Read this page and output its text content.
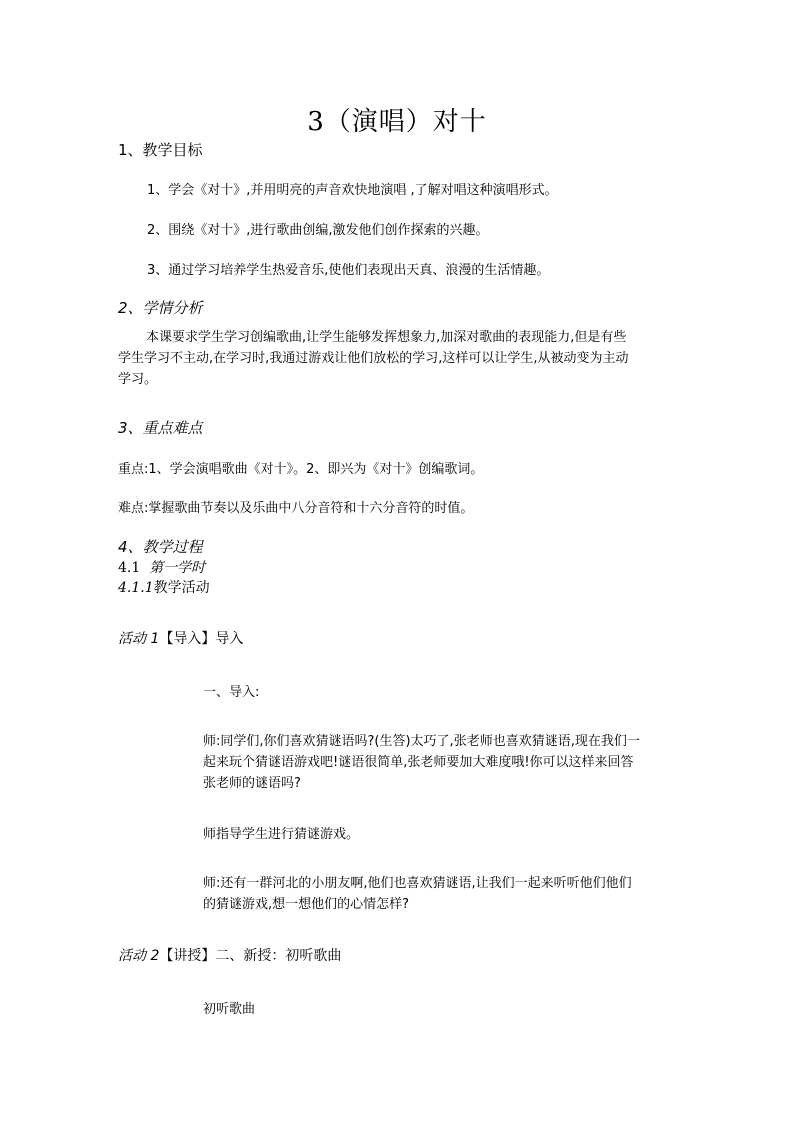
3（演唱）对十
1、教学目标
1、学会《对十》,并用明亮的声音欢快地演唱 ,了解对唱这种演唱形式。
2、围绕《对十》,进行歌曲创编,激发他们创作探索的兴趣。
3、通过学习培养学生热爱音乐,使他们表现出天真、浪漫的生活情趣。
2、学情分析
本课要求学生学习创编歌曲,让学生能够发挥想象力,加深对歌曲的表现能力,但是有些
学生学习不主动,在学习时,我通过游戏让他们放松的学习,这样可以让学生,从被动变为主动
学习。
3、重点难点
重点:1、学会演唱歌曲《对十》。2、即兴为《对十》创编歌词。
难点:掌握歌曲节奏以及乐曲中八分音符和十六分音符的时值。
4、教学过程
4.1 第一学时
4.1.1教学活动
活动 1【导入】导入
一、导入:
师:同学们,你们喜欢猜谜语吗?(生答)太巧了,张老师也喜欢猜谜语,现在我们一
起来玩个猜谜语游戏吧!谜语很简单,张老师要加大难度哦!你可以这样来回答
张老师的谜语吗?
师指导学生进行猜谜游戏。
师:还有一群河北的小朋友啊,他们也喜欢猜谜语,让我们一起来听听他们他们
的猜谜游戏,想一想他们的心情怎样?
活动 2【讲授】二、新授：初听歌曲
初听歌曲
